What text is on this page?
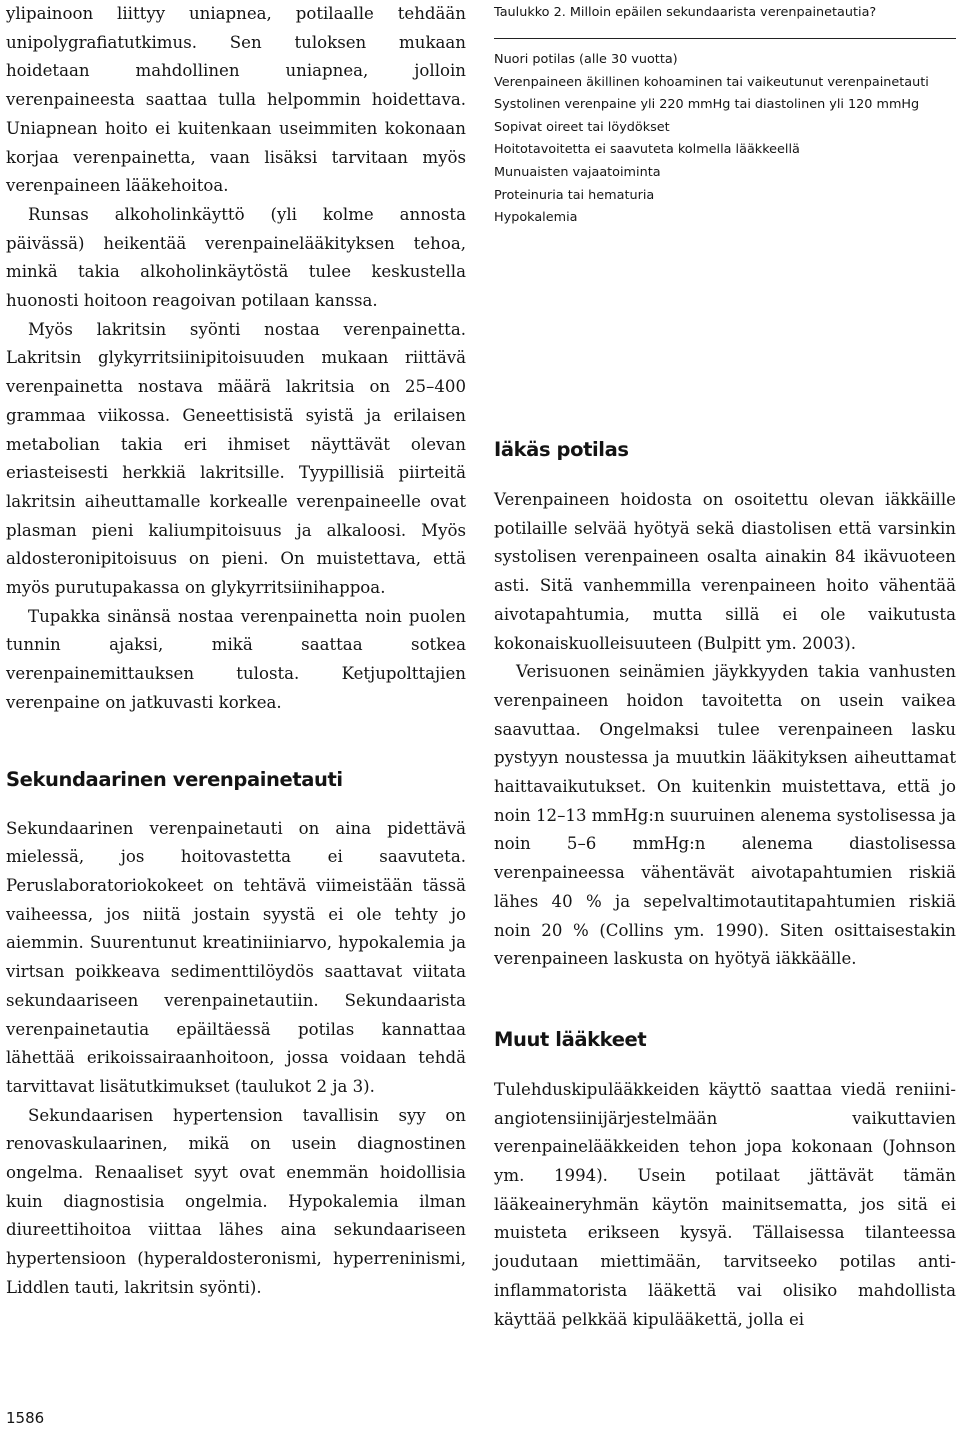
ylipainoon liittyy uniapnea, potilaalle tehdään unipolygrafiatutkimus. Sen tuloksen mukaan hoidetaan mahdollinen uniapnea, jolloin verenpaineesta saattaa tulla helpommin hoidettava. Uniapnean hoito ei kuitenkaan useimmiten kokonaan korjaa verenpainetta, vaan lisäksi tarvitaan myös verenpaineen lääkehoitoa.

Runsas alkoholinkäyttö (yli kolme annosta päivässä) heikentää verenpainelääkityksen tehoa, minkä takia alkoholinkäytöstä tulee keskustella huonosti hoitoon reagoivan potilaan kanssa.

Myös lakritsin syönti nostaa verenpainetta. Lakritsin glykyrritsiinipitoisuuden mukaan riittävä verenpainetta nostava määrä lakritsia on 25–400 grammaa viikossa. Geneettisistä syistä ja erilaisen metabolian takia eri ihmiset näyttävät olevan eriasteisesti herkkiä lakritsille. Tyypillisiä piirteitä lakritsin aiheuttamalle korkealle verenpaineelle ovat plasman pieni kaliumpitoisuus ja alkaloosi. Myös aldosteronipitoisuus on pieni. On muistettava, että myös purutupakassa on glykyrritsiinihappoa.

Tupakka sinänsä nostaa verenpainetta noin puolen tunnin ajaksi, mikä saattaa sotkea verenpainemittauksen tulosta. Ketjupolttajien verenpaine on jatkuvasti korkea.

Sekundaarinen verenpainetauti

Sekundaarinen verenpainetauti on aina pidettävä mielessä, jos hoitovastetta ei saavuteta. Peruslaboratoriokokeet on tehtävä viimeistään tässä vaiheessa, jos niitä jostain syystä ei ole tehty jo aiemmin. Suurentunut kreatiniiniarvo, hypokalemia ja virtsan poikkeava sedimenttilöydös saattavat viitata sekundaariseen verenpainetautiin. Sekundaarista verenpainetautia epäiltäessä potilas kannattaa lähettää erikoissairaanhoitoon, jossa voidaan tehdä tarvittavat lisätutkimukset (taulukot 2 ja 3).

Sekundaarisen hypertension tavallisin syy on renovaskulaarinen, mikä on usein diagnostinen ongelma. Renaaliset syyt ovat enemmän hoidollisia kuin diagnostisia ongelmia. Hypokalemia ilman diureettihoitoa viittaa lähes aina sekundaariseen hypertensioon (hyperaldosteronismi, hyperreninismi, Liddlen tauti, lakritsin syönti).

Taulukko 2. Milloin epäilen sekundaarista verenpainetautia?

Nuori potilas (alle 30 vuotta)
Verenpaineen äkillinen kohoaminen tai vaikeutunut verenpainetauti
Systolinen verenpaine yli 220 mmHg tai diastolinen yli 120 mmHg
Sopivat oireet tai löydökset
Hoitotavoitetta ei saavuteta kolmella lääkkeellä
Munuaisten vajaatoiminta
Proteinuria tai hematuria
Hypokalemia
Iäkäs potilas

Verenpaineen hoidosta on osoitettu olevan iäkkäille potilaille selvää hyötyä sekä diastolisen että varsinkin systolisen verenpaineen osalta ainakin 84 ikävuoteen asti. Sitä vanhemmilla verenpaineen hoito vähentää aivotapahtumia, mutta sillä ei ole vaikutusta kokonaiskuolleisuuteen (Bulpitt ym. 2003).

Verisuonen seinämien jäykkyyden takia vanhusten verenpaineen hoidon tavoitetta on usein vaikea saavuttaa. Ongelmaksi tulee verenpaineen lasku pystyyn noustessa ja muutkin lääkityksen aiheuttamat haittavaikutukset. On kuitenkin muistettava, että jo noin 12–13 mmHg:n suuruinen alenema systolisessa ja noin 5–6 mmHg:n alenema diastolisessa verenpaineessa vähentävät aivotapahtumien riskiä lähes 40 % ja sepelvaltimotautitapahtumien riskiä noin 20 % (Collins ym. 1990). Siten osittaisestakin verenpaineen laskusta on hyötyä iäkkäälle.

Muut lääkkeet

Tulehduskipulääkkeiden käyttö saattaa viedä reniini-angiotensiinijärjestelmään vaikuttavien verenpainelääkkeiden tehon jopa kokonaan (Johnson ym. 1994). Usein potilaat jättävät tämän lääkeaineryhmän käytön mainitsematta, jos sitä ei muisteta erikseen kysyä. Tällaisessa tilanteessa joudutaan miettimään, tarvitseeko potilas anti-inflammatorista lääkettä vai olisiko mahdollista käyttää pelkkää kipulääkettä, jolla ei

1586
